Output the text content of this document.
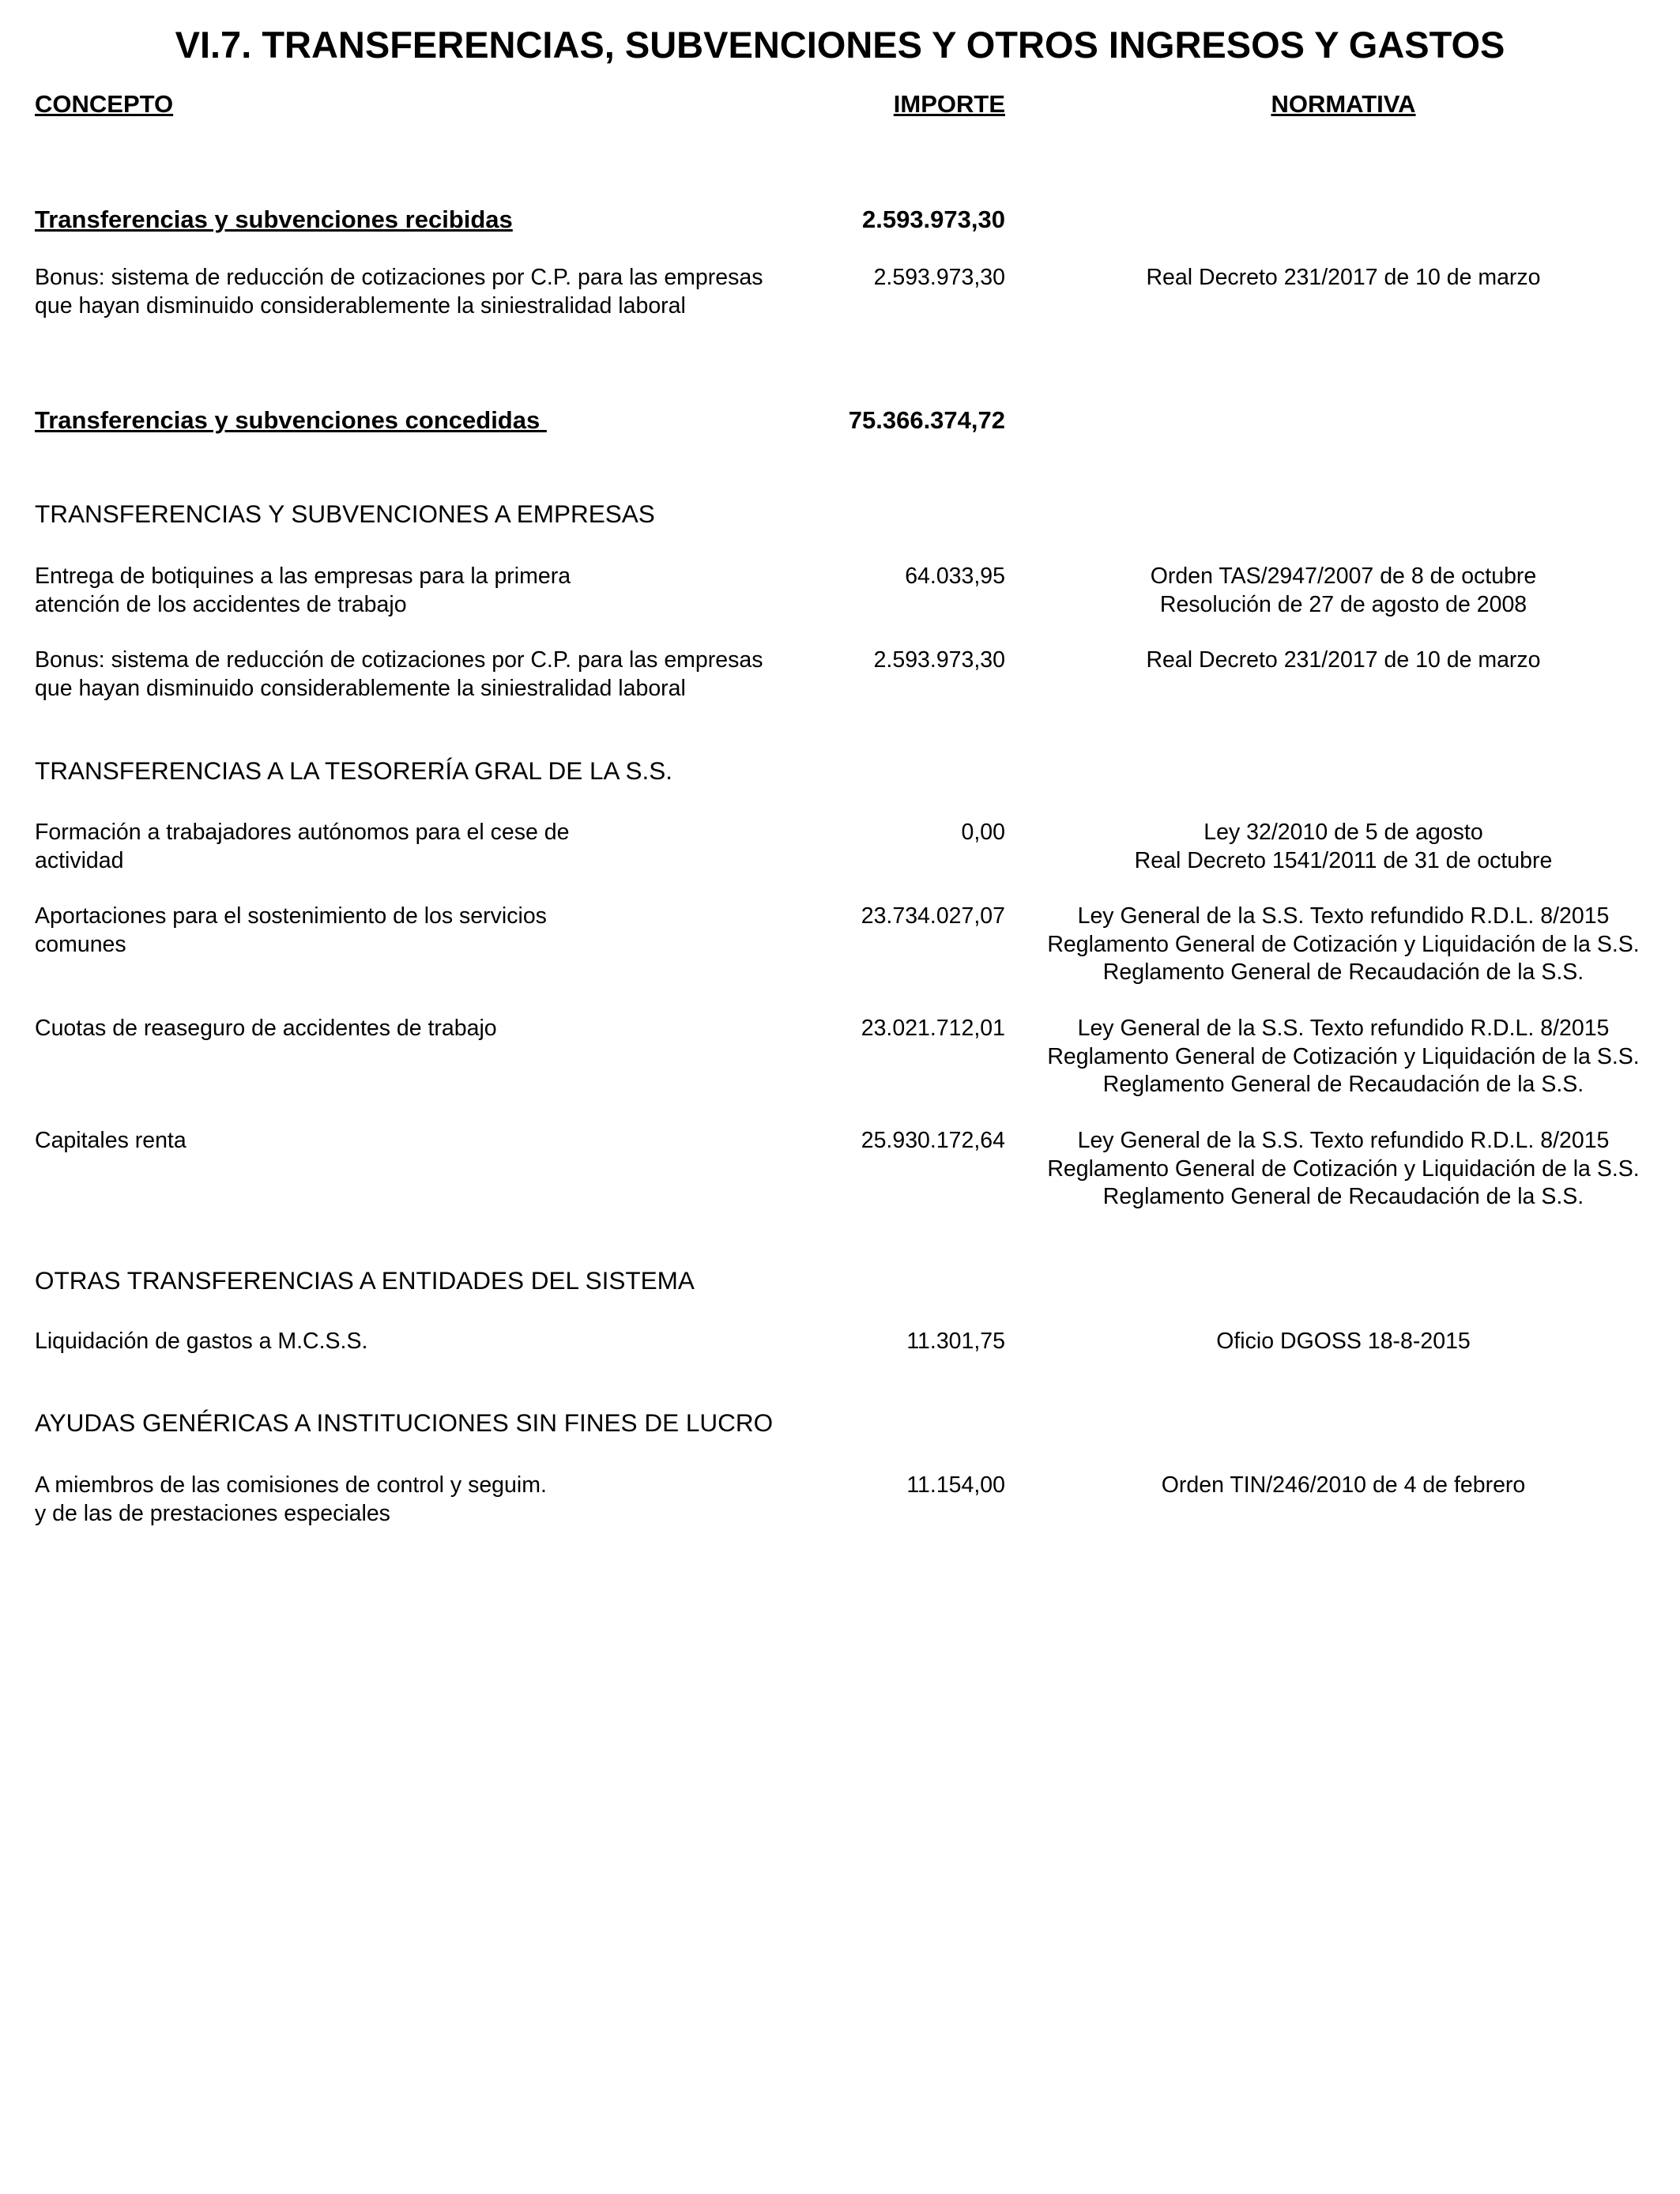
VI.7. TRANSFERENCIAS, SUBVENCIONES Y OTROS INGRESOS Y GASTOS
CONCEPTO	IMPORTE	NORMATIVA
Transferencias y subvenciones recibidas	2.593.973,30
Bonus: sistema de reducción de cotizaciones por C.P. para las empresas
que hayan disminuido considerablemente la siniestralidad laboral
2.593.973,30	Real Decreto 231/2017 de 10 de marzo
Transferencias y subvenciones concedidas	75.366.374,72
TRANSFERENCIAS Y SUBVENCIONES A EMPRESAS
Entrega de botiquines a las empresas para la primera
atención de los accidentes de trabajo
64.033,95	Orden TAS/2947/2007 de 8 de octubre
Resolución de 27 de agosto de 2008
Bonus: sistema de reducción de cotizaciones por C.P. para las empresas
que hayan disminuido considerablemente la siniestralidad laboral
2.593.973,30	Real Decreto 231/2017 de 10 de marzo
TRANSFERENCIAS A LA TESORERÍA GRAL DE LA S.S.
Formación a trabajadores autónomos para el cese de
actividad
0,00	Ley 32/2010 de 5 de agosto
Real Decreto 1541/2011 de 31 de octubre
Aportaciones para el sostenimiento de los servicios
comunes
23.734.027,07	Ley General de la S.S. Texto refundido R.D.L. 8/2015
Reglamento General de Cotización y Liquidación de la S.S.
Reglamento General de Recaudación de la S.S.
Cuotas de reaseguro de accidentes de trabajo	23.021.712,01	Ley General de la S.S. Texto refundido R.D.L. 8/2015
Reglamento General de Cotización y Liquidación de la S.S.
Reglamento General de Recaudación de la S.S.
Capitales renta	25.930.172,64	Ley General de la S.S. Texto refundido R.D.L. 8/2015
Reglamento General de Cotización y Liquidación de la S.S.
Reglamento General de Recaudación de la S.S.
OTRAS TRANSFERENCIAS A ENTIDADES DEL SISTEMA
Liquidación de gastos a M.C.S.S.	11.301,75	Oficio DGOSS 18-8-2015
AYUDAS GENÉRICAS A INSTITUCIONES SIN FINES DE LUCRO
A miembros de las comisiones de control y seguim.
y de las de prestaciones especiales
11.154,00	Orden TIN/246/2010 de 4 de febrero
